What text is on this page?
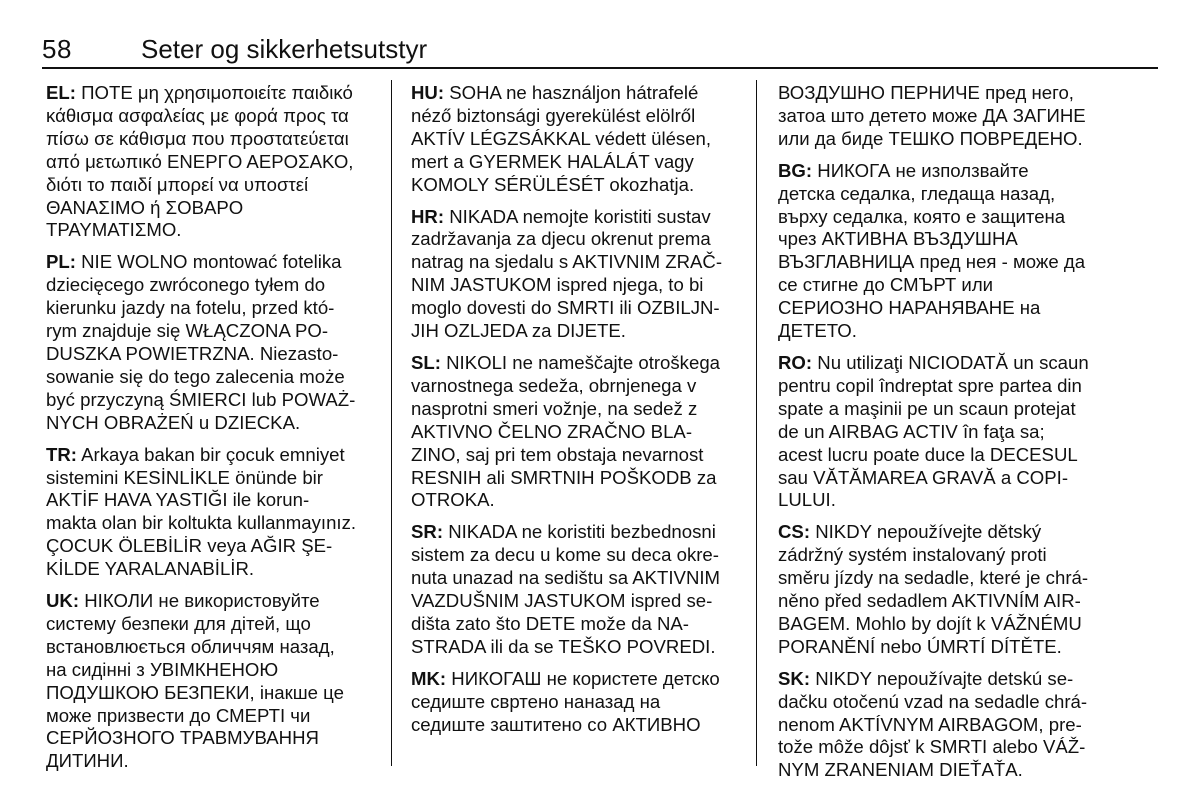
58	Seter og sikkerhetsutstyr
EL: ΠΟΤΕ μη χρησιμοποιείτε παιδικό
κάθισμα ασφαλείας με φορά προς τα
πίσω σε κάθισμα που προστατεύεται
από μετωπικό ΕΝΕΡΓΟ ΑΕΡΟΣΑΚΟ,
διότι το παιδί μπορεί να υποστεί
ΘΑΝΑΣΙΜΟ ή ΣΟΒΑΡΟ
ΤΡΑΥΜΑΤΙΣΜΟ.
PL: NIE WOLNO montować fotelika
dziecięcego zwróconego tyłem do
kierunku jazdy na fotelu, przed któ‐
rym znajduje się WŁĄCZONA PO‐
DUSZKA POWIETRZNA. Niezasto‐
sowanie się do tego zalecenia może
być przyczyną ŚMIERCI lub POWAŻ‐
NYCH OBRAŻEŃ u DZIECKA.
TR: Arkaya bakan bir çocuk emniyet
sistemini KESİNLİKLE önünde bir
AKTİF HAVA YASTIĞI ile korun‐
makta olan bir koltukta kullanmayınız.
ÇOCUK ÖLEBİLİR veya AĞIR ŞE‐
KİLDE YARALANABİLİR.
UK: НІКОЛИ не використовуйте
систему безпеки для дітей, що
встановлюється обличчям назад,
на сидінні з УВІМКНЕНОЮ
ПОДУШКОЮ БЕЗПЕКИ, інакше це
може призвести до СМЕРТІ чи
СЕРЙОЗНОГО ТРАВМУВАННЯ
ДИТИНИ.
HU: SOHA ne használjon hátrafelé
néző biztonsági gyerekülést elölről
AKTÍV LÉGZSÁKKAL védett ülésen,
mert a GYERMEK HALÁLÁT vagy
KOMOLY SÉRÜLÉSÉT okozhatja.
HR: NIKADA nemojte koristiti sustav
zadržavanja za djecu okrenut prema
natrag na sjedalu s AKTIVNIM ZRAČ‐
NIM JASTUKOM ispred njega, to bi
moglo dovesti do SMRTI ili OZBILJN‐
JIH OZLJEDA za DIJETE.
SL: NIKOLI ne nameščajte otroškega
varnostnega sedeža, obrnjenega v
nasprotni smeri vožnje, na sedež z
AKTIVNO ČELNO ZRAČNO BLA‐
ZINO, saj pri tem obstaja nevarnost
RESNIH ali SMRTNIH POŠKODB za
OTROKA.
SR: NIKADA ne koristiti bezbednosni
sistem za decu u kome su deca okre‐
nuta unazad na sedištu sa AKTIVNIM
VAZDUŠNIM JASTUKOM ispred se‐
dišta zato što DETE može da NA‐
STRADA ili da se TEŠKO POVREDI.
MK: НИКОГАШ не користете детско
седиште свртено наназад на
седиште заштитено со АКТИВНО
ВОЗДУШНО ПЕРНИЧЕ пред него,
затоа што детето може ДА ЗАГИНЕ
или да биде ТЕШКО ПОВРЕДЕНО.
BG: НИКОГА не използвайте
детска седалка, гледаща назад,
върху седалка, която е защитена
чрез АКТИВНА ВЪЗДУШНА
ВЪЗГЛАВНИЦА пред нея - може да
се стигне до СМЪРТ или
СЕРИОЗНО НАРАНЯВАНЕ на
ДЕТЕТО.
RO: Nu utilizaţi NICIODATĂ un scaun
pentru copil îndreptat spre partea din
spate a maşinii pe un scaun protejat
de un AIRBAG ACTIV în faţa sa;
acest lucru poate duce la DECESUL
sau VĂTĂMAREA GRAVĂ a COPI‐
LULUI.
CS: NIKDY nepoužívejte dětský
zádržný systém instalovaný proti
směru jízdy na sedadle, které je chrá‐
něno před sedadlem AKTIVNÍM AIR‐
BAGEM. Mohlo by dojít k VÁŽNÉMU
PORANĚNÍ nebo ÚMRTÍ DÍTĚTE.
SK: NIKDY nepoužívajte detskú se‐
dačku otočenú vzad na sedadle chrá‐
nenom AKTÍVNYM AIRBAGOM, pre‐
tože môže dôjsť k SMRTI alebo VÁŽ‐
NYM ZRANENIAM DIEŤAŤA.
